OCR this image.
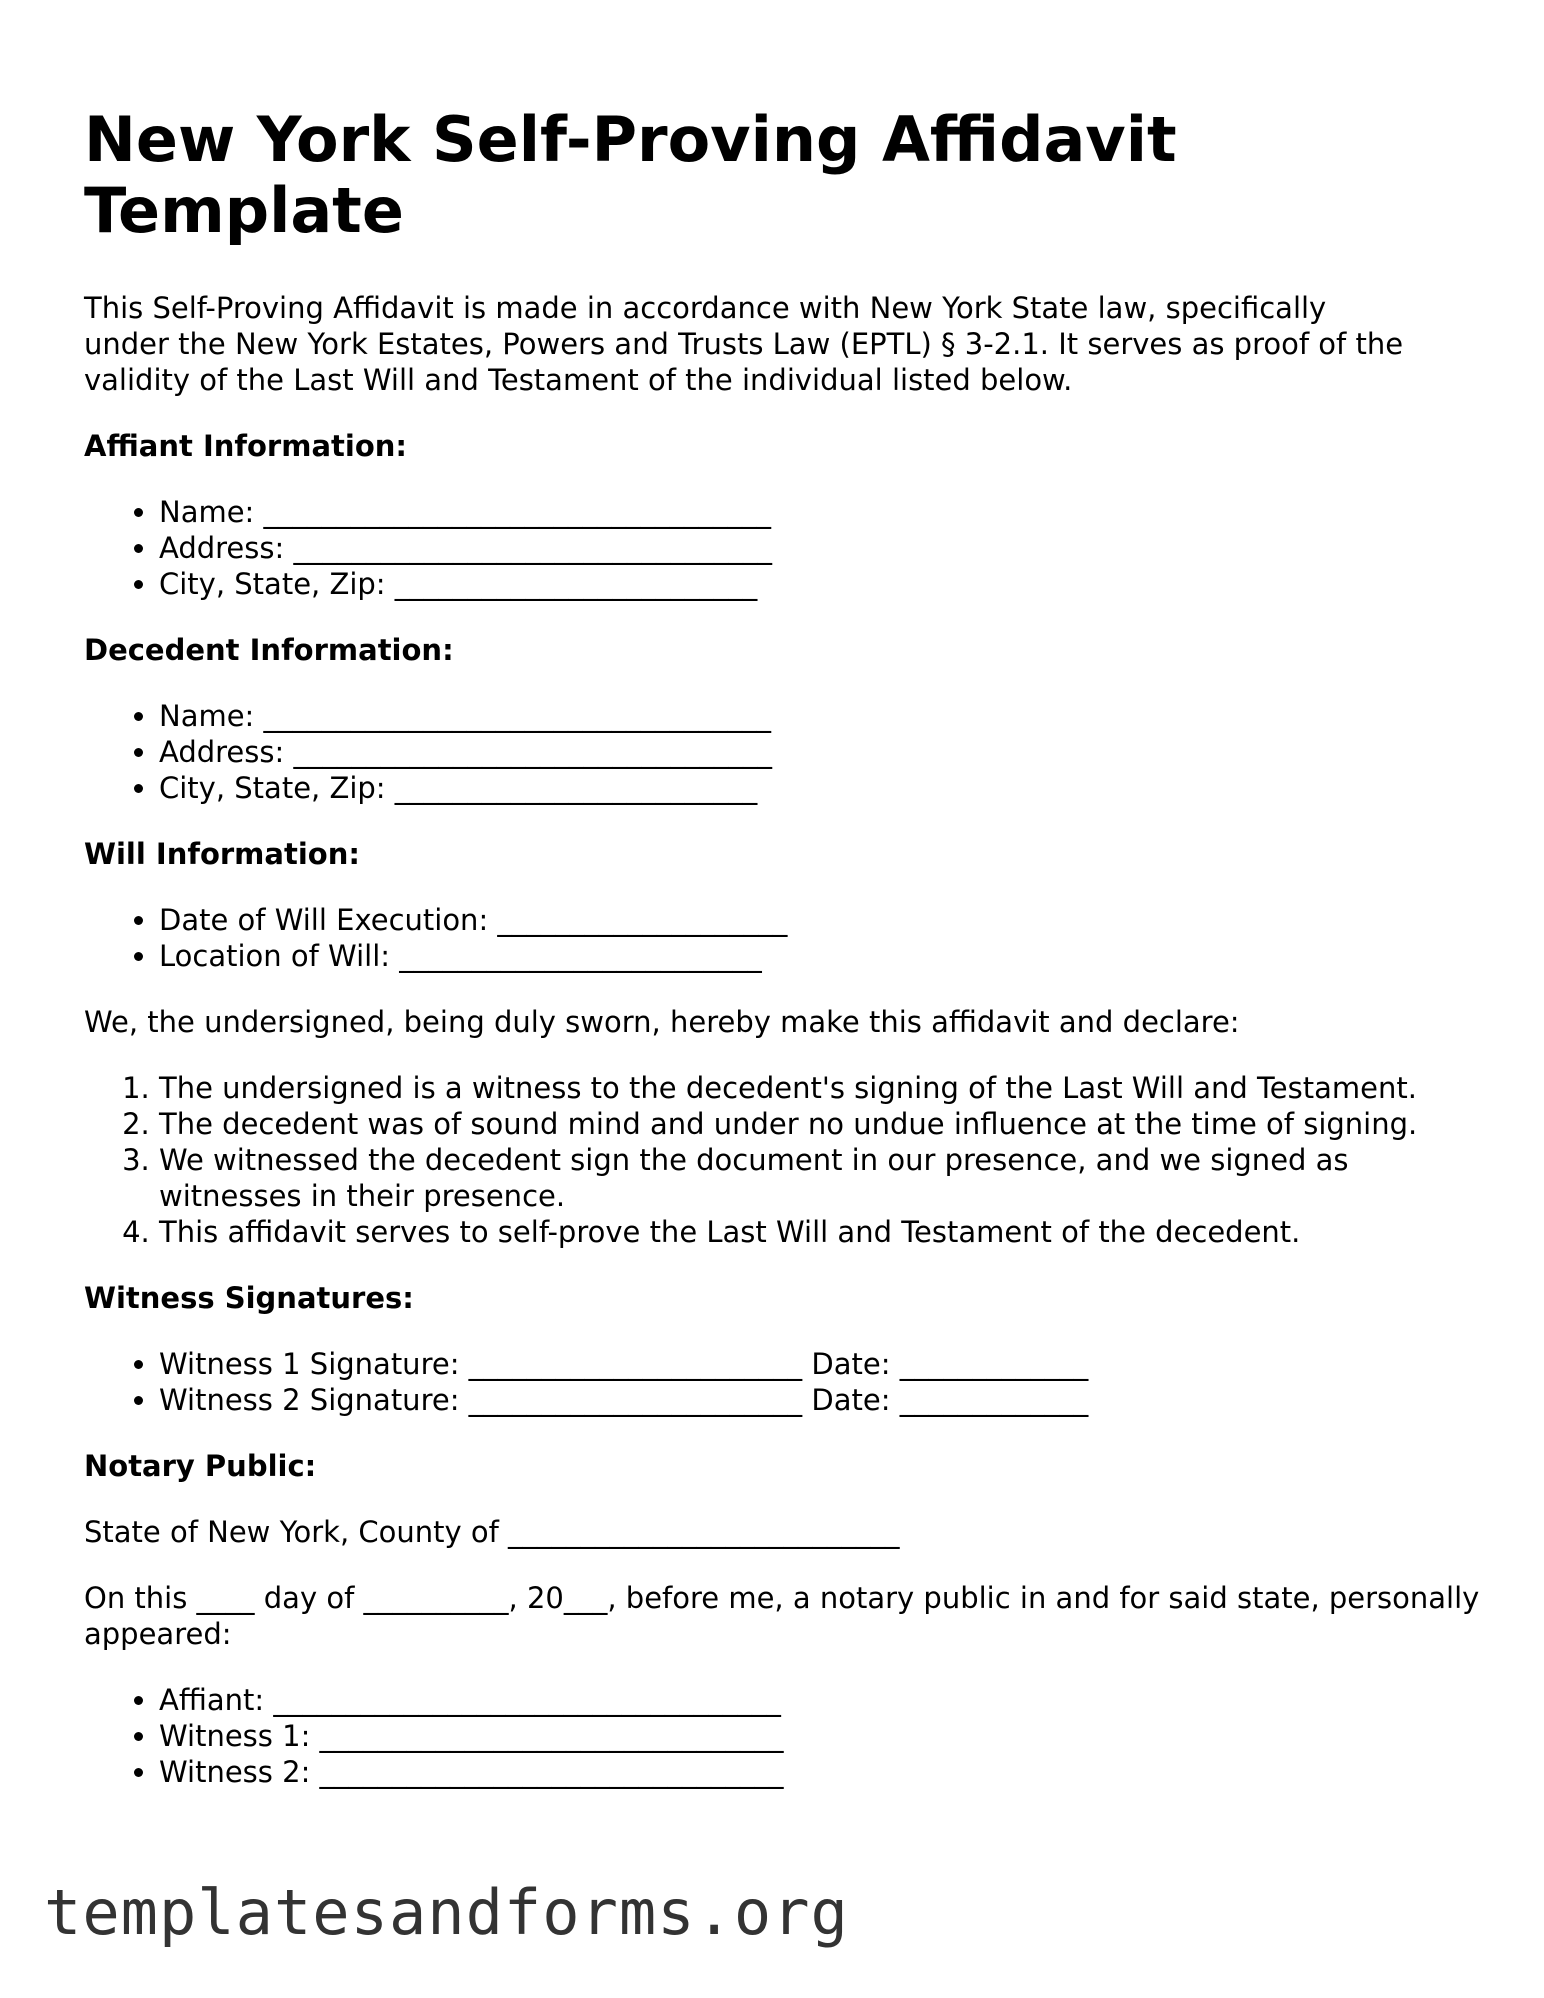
New York Self-Proving Affidavit Template

This Self-Proving Affidavit is made in accordance with New York State law, specifically under the New York Estates, Powers and Trusts Law (EPTL) § 3-2.1. It serves as proof of the validity of the Last Will and Testament of the individual listed below.

Affiant Information:
• Name: ___________________________________
• Address: _________________________________
• City, State, Zip: _________________________
Decedent Information:
• Name: ___________________________________
• Address: _________________________________
• City, State, Zip: _________________________
Will Information:
• Date of Will Execution: ____________________
• Location of Will: _________________________

We, the undersigned, being duly sworn, hereby make this affidavit and declare:

1. The undersigned is a witness to the decedent's signing of the Last Will and Testament.
2. The decedent was of sound mind and under no undue influence at the time of signing.
3. We witnessed the decedent sign the document in our presence, and we signed as witnesses in their presence.
4. This affidavit serves to self-prove the Last Will and Testament of the decedent.
Witness Signatures:
• Witness 1 Signature: _______________________ Date: _____________
• Witness 2 Signature: _______________________ Date: _____________
Notary Public:

State of New York, County of ___________________________

On this ____ day of __________, 20___, before me, a notary public in and for said state, personally appeared:

• Affiant: ___________________________________
• Witness 1: ________________________________
• Witness 2: ________________________________
templatesandforms.org
